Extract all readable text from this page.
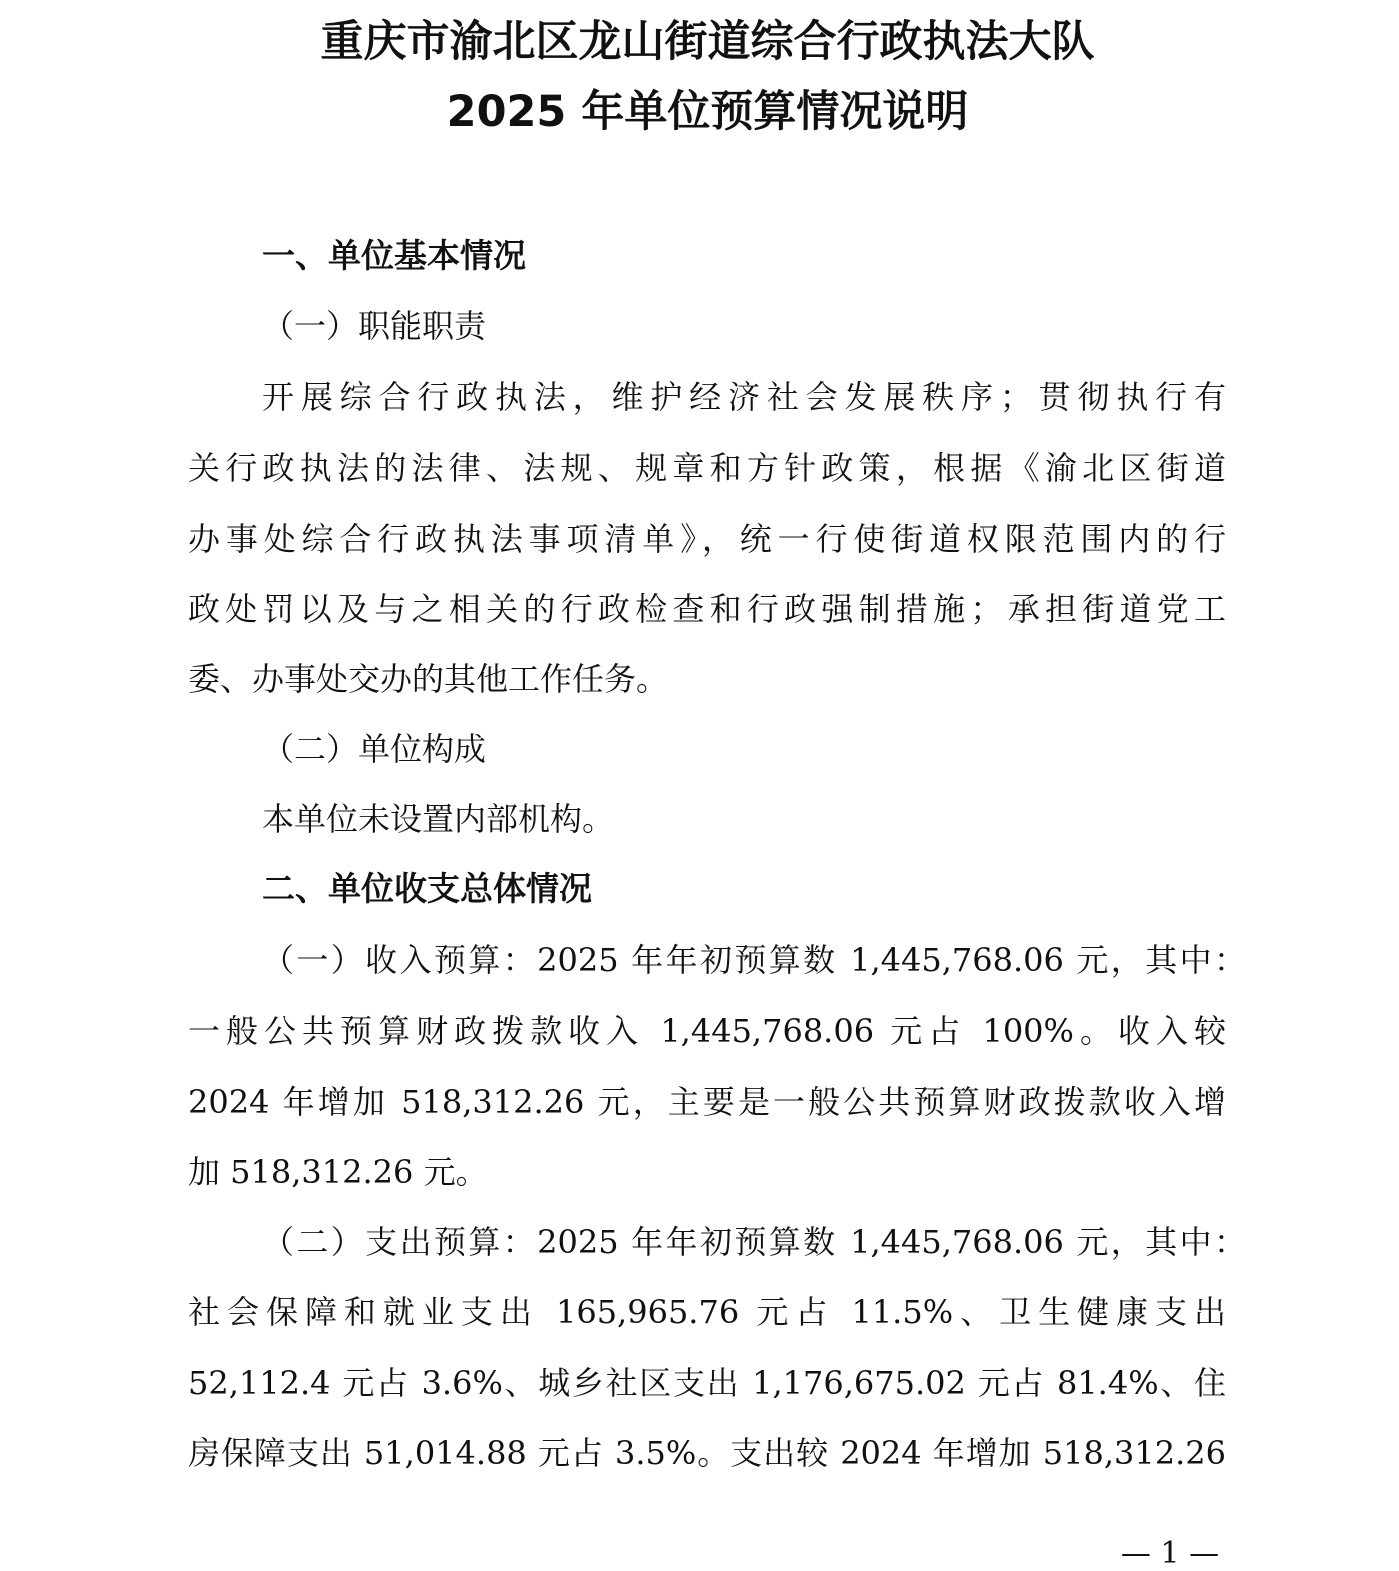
重庆市渝北区龙山街道综合行政执法大队
2025 年单位预算情况说明
一、单位基本情况
（一）职能职责
开展综合行政执法，维护经济社会发展秩序；贯彻执行有
关行政执法的法律、法规、规章和方针政策，根据《渝北区街道
办事处综合行政执法事项清单》，统一行使街道权限范围内的行
政处罚以及与之相关的行政检查和行政强制措施；承担街道党工
委、办事处交办的其他工作任务。
（二）单位构成
本单位未设置内部机构。
二、单位收支总体情况
（一）收入预算：2025 年年初预算数 1,445,768.06 元，其中：
一般公共预算财政拨款收入 1,445,768.06 元占 100%。收入较
2024 年增加 518,312.26 元，主要是一般公共预算财政拨款收入增
加 518,312.26 元。
（二）支出预算：2025 年年初预算数 1,445,768.06 元，其中：
社会保障和就业支出 165,965.76 元占 11.5%、卫生健康支出
52,112.4 元占 3.6%、城乡社区支出 1,176,675.02 元占 81.4%、住
房保障支出 51,014.88 元占 3.5%。支出较 2024 年增加 518,312.26
— 1 —
